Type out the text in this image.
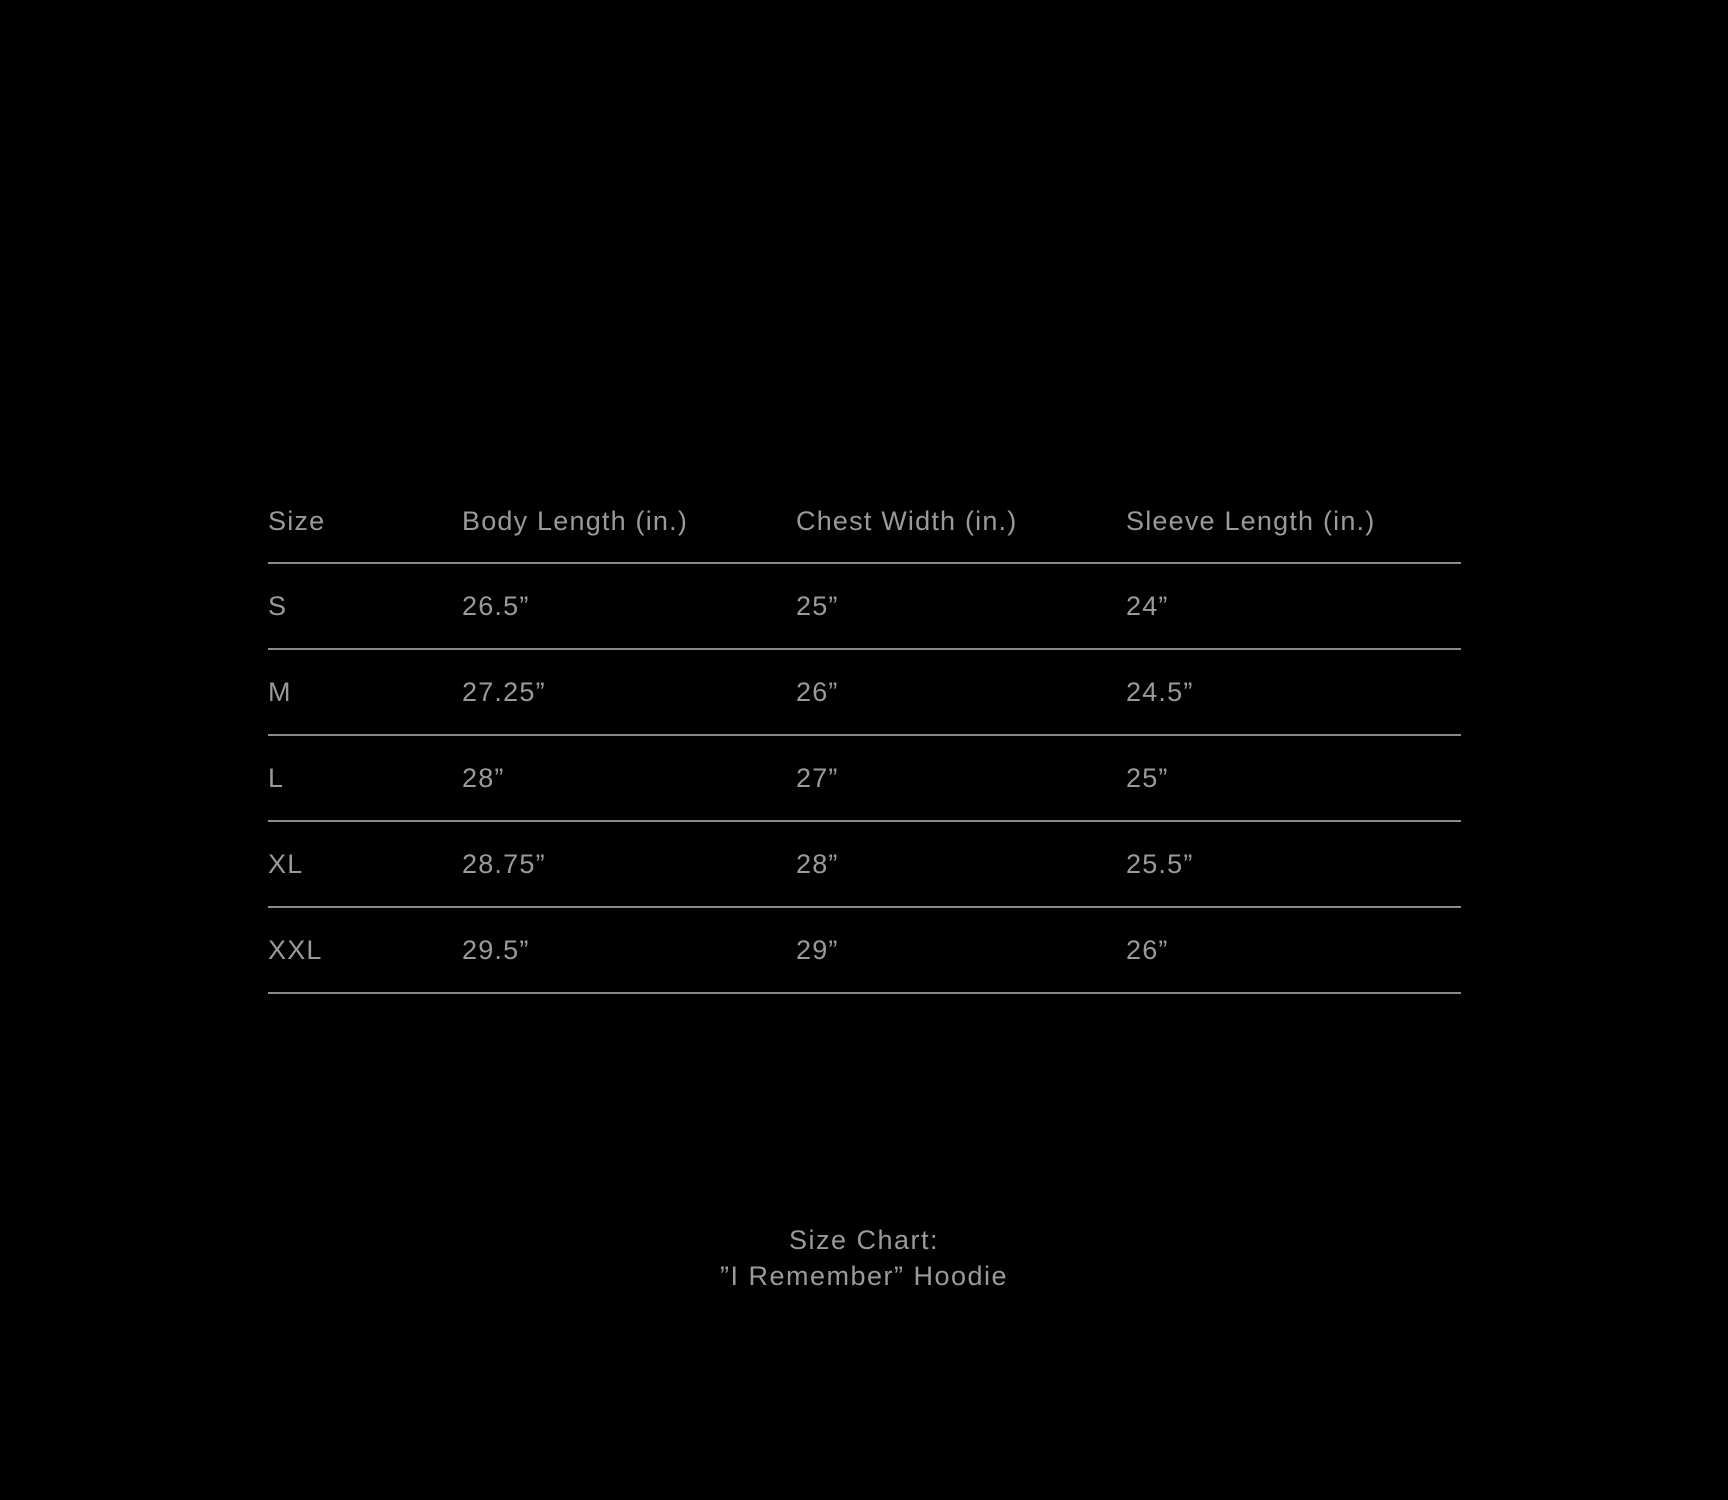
Size	Body Length (in.)	Chest Width (in.)	Sleeve Length (in.)
S	26.5”	25”	24”
M	27.25”	26”	24.5”
L	28”	27”	25”
XL	28.75”	28”	25.5”
XXL	29.5”	29”	26”
Size Chart:
”I Remember” Hoodie
